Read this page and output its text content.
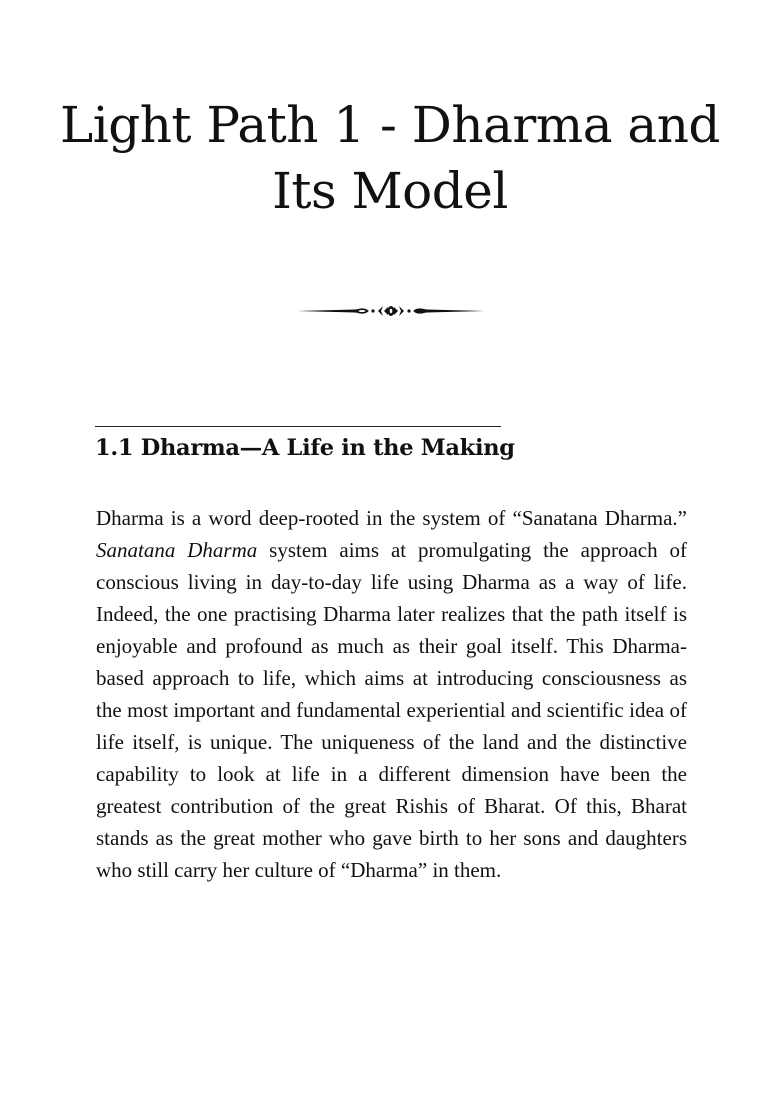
Light Path 1 - Dharma and Its Model
1.1 Dharma—A Life in the Making

Dharma is a word deep-rooted in the system of “Sanatana Dharma.” Sanatana Dharma system aims at promulgating the approach of conscious living in day-to-day life using Dharma as a way of life. Indeed, the one practising Dharma later realizes that the path itself is enjoyable and profound as much as their goal itself. This Dharma-based approach to life, which aims at introducing consciousness as the most important and fundamental experiential and scientific idea of life itself, is unique. The uniqueness of the land and the distinctive capability to look at life in a different dimension have been the greatest contribution of the great Rishis of Bharat. Of this, Bharat stands as the great mother who gave birth to her sons and daughters who still carry her culture of “Dharma” in them.
